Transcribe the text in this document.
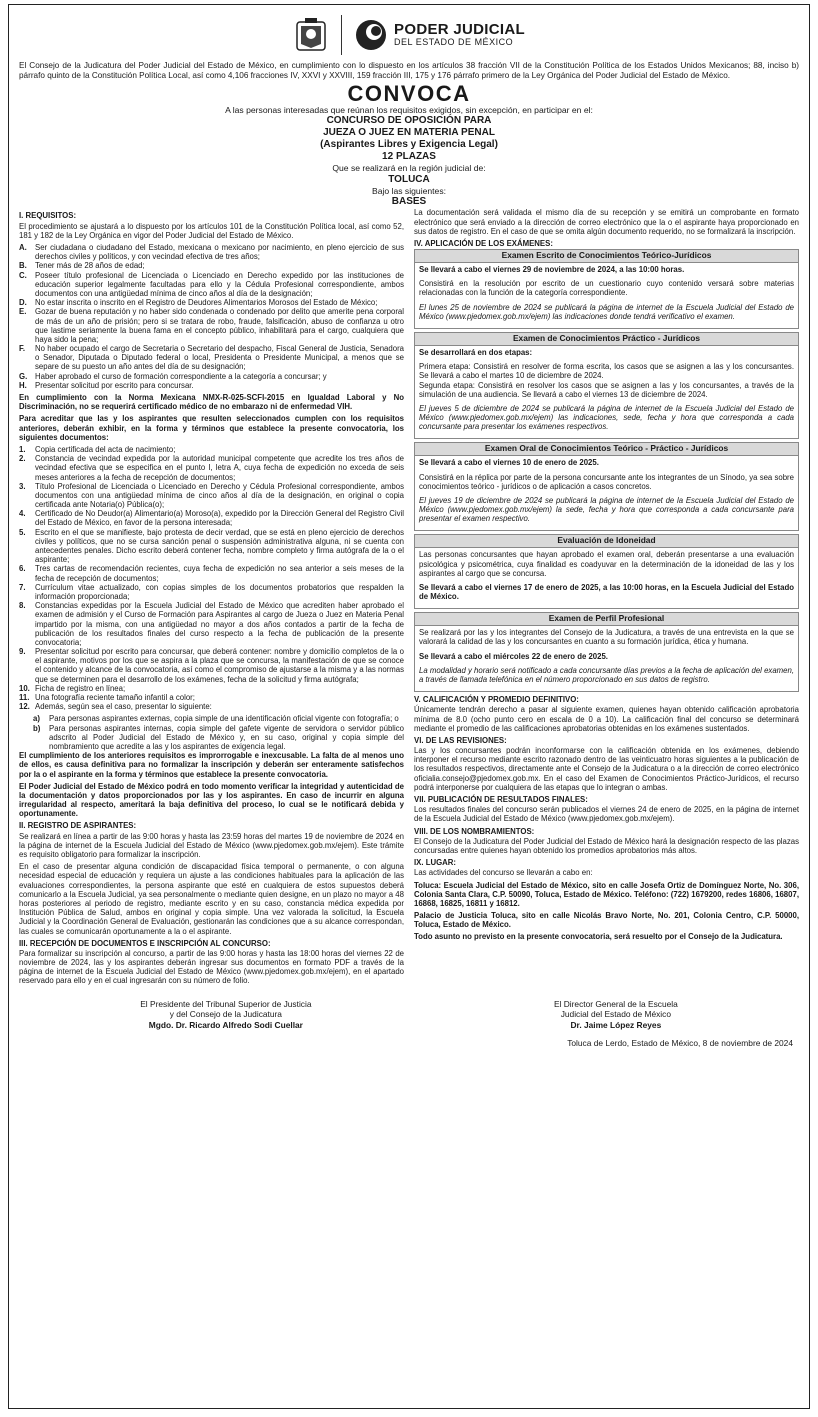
PODER JUDICIAL
DEL ESTADO DE MÉXICO

El Consejo de la Judicatura del Poder Judicial del Estado de México, en cumplimiento con lo dispuesto en los artículos 38 fracción VII de la Constitución Política de los Estados Unidos Mexicanos; 88, inciso b) párrafo quinto de la Constitución Política Local, así como 4,106 fracciones IV, XXVI y XXVIII, 159 fracción III, 175 y 176 párrafo primero de la Ley Orgánica del Poder Judicial del Estado de México.

CONVOCA
A las personas interesadas que reúnan los requisitos exigidos, sin excepción, en participar en el:
CONCURSO DE OPOSICIÓN PARA
JUEZA O JUEZ EN MATERIA PENAL
(Aspirantes Libres y Exigencia Legal)
12 PLAZAS
Que se realizará en la región judicial de:
TOLUCA
Bajo las siguientes:
BASES
I. REQUISITOS:

El procedimiento se ajustará a lo dispuesto por los artículos 101 de la Constitución Política local, así como 52, 181 y 182 de la Ley Orgánica en vigor del Poder Judicial del Estado de México.

A.	Ser ciudadana o ciudadano del Estado, mexicana o mexicano por nacimiento, en pleno ejercicio de sus derechos civiles y políticos, y con vecindad efectiva de tres años;
B.	Tener más de 28 años de edad;
C.	Poseer título profesional de Licenciada o Licenciado en Derecho expedido por las instituciones de educación superior legalmente facultadas para ello y la Cédula Profesional correspondiente, ambos documentos con una antigüedad mínima de cinco años al día de la designación;
D.	No estar inscrita o inscrito en el Registro de Deudores Alimentarios Morosos del Estado de México;
E.	Gozar de buena reputación y no haber sido condenada o condenado por delito que amerite pena corporal de más de un año de prisión; pero si se tratara de robo, fraude, falsificación, abuso de confianza u otro que lastime seriamente la buena fama en el concepto público, inhabilitará para el cargo, cualquiera que haya sido la pena;
F.	No haber ocupado el cargo de Secretaria o Secretario del despacho, Fiscal General de Justicia, Senadora o Senador, Diputada o Diputado federal o local, Presidenta o Presidente Municipal, a menos que se separe de su puesto un año antes del día de su designación;
G. Haber aprobado el curso de formación correspondiente a la categoría a concursar; y
H.	Presentar solicitud por escrito para concursar.

En cumplimiento con la Norma Mexicana NMX-R-025-SCFI-2015 en Igualdad Laboral y No Discriminación, no se requerirá certificado médico de no embarazo ni de enfermedad VIH.

Para acreditar que las y los aspirantes que resulten seleccionados cumplen con los requisitos anteriores, deberán exhibir, en la forma y términos que establece la presente convocatoria, los siguientes documentos:

1.	Copia certificada del acta de nacimiento;
2.	Constancia de vecindad expedida por la autoridad municipal competente que acredite los tres años de vecindad efectiva que se especifica en el punto I, letra A, cuya fecha de expedición no exceda de seis meses anteriores a la fecha de recepción de documentos;
3.	Título Profesional de Licenciada o Licenciado en Derecho y Cédula Profesional correspondiente, ambos documentos con una antigüedad mínima de cinco años al día de la designación, en original o copia certificada ante Notaria(o) Pública(o);
4.	Certificado de No Deudor(a) Alimentario(a) Moroso(a), expedido por la Dirección General del Registro Civil del Estado de México, en favor de la persona interesada;
5.	Escrito en el que se manifieste, bajo protesta de decir verdad, que se está en pleno ejercicio de derechos civiles y políticos, que no se cursa sanción penal o suspensión administrativa alguna, ni se cuenta con antecedentes penales. Dicho escrito deberá contener fecha, nombre completo y firma autógrafa de la o el aspirante;
6.	Tres cartas de recomendación recientes, cuya fecha de expedición no sea anterior a seis meses de la fecha de recepción de documentos;
7.	Currículum vitae actualizado, con copias simples de los documentos probatorios que respalden la información proporcionada;
8.	Constancias expedidas por la Escuela Judicial del Estado de México que acrediten haber aprobado el examen de admisión y el Curso de Formación para Aspirantes al cargo de Jueza o Juez en Materia Penal impartido por la misma, con una antigüedad no mayor a dos años contados a partir de la fecha de publicación de los resultados finales del curso respecto a la fecha de publicación de la presente convocatoria;
9.	Presentar solicitud por escrito para concursar, que deberá contener: nombre y domicilio completos de la o el aspirante, motivos por los que se aspira a la plaza que se concursa, la manifestación de que se conoce el contenido y alcance de la convocatoria, así como el compromiso de ajustarse a la misma y a las normas que se determinen para el desarrollo de los exámenes, fecha de la solicitud y firma autógrafa;
10. Ficha de registro en línea;
11. Una fotografía reciente tamaño infantil a color;
12. Además, según sea el caso, presentar lo siguiente:
a)	Para personas aspirantes externas, copia simple de una identificación oficial vigente con fotografía; o
b)	Para personas aspirantes internas, copia simple del gafete vigente de servidora o servidor público adscrito al Poder Judicial del Estado de México y, en su caso, original y copia simple del nombramiento que acredite a las y los aspirantes de exigencia legal.

El cumplimiento de los anteriores requisitos es improrrogable e inexcusable. La falta de al menos uno de ellos, es causa definitiva para no formalizar la inscripción y deberán ser enteramente satisfechos por la o el aspirante en la forma y términos que establece la presente convocatoria.

El Poder Judicial del Estado de México podrá en todo momento verificar la integridad y autenticidad de la documentación y datos proporcionados por las y los aspirantes. En caso de incurrir en alguna irregularidad al respecto, ameritará la baja definitiva del proceso, lo cual se le notificará debida y oportunamente.

II. REGISTRO DE ASPIRANTES:

Se realizará en línea a partir de las 9:00 horas y hasta las 23:59 horas del martes 19 de noviembre de 2024 en la página de internet de la Escuela Judicial del Estado de México (www.pjedomex.gob.mx/ejem). Este trámite es requisito obligatorio para formalizar la inscripción.

En el caso de presentar alguna condición de discapacidad física temporal o permanente, o con alguna necesidad especial de educación y requiera un ajuste a las condiciones habituales para la aplicación de las evaluaciones correspondientes, la persona aspirante que esté en cualquiera de estos supuestos deberá comunicarlo a la Escuela Judicial, ya sea personalmente o mediante quien designe, en un plazo no mayor a 48 horas posteriores al periodo de registro, mediante escrito y en su caso, constancia médica expedida por Institución Pública de Salud, ambos en original y copia simple. Una vez valorada la solicitud, la Escuela Judicial y la Coordinación General de Evaluación, gestionarán las condiciones que a su alcance correspondan, las cuales se comunicarán oportunamente a la o el aspirante.

III. RECEPCIÓN DE DOCUMENTOS E INSCRIPCIÓN AL CONCURSO:

Para formalizar su inscripción al concurso, a partir de las 9:00 horas y hasta las 18:00 horas del viernes 22 de noviembre de 2024, las y los aspirantes deberán ingresar sus documentos en formato PDF a través de la página de internet de la Escuela Judicial del Estado de México (www.pjedomex.gob.mx/ejem), en el apartado reservado para ello y en el cual ingresarán con su número de folio.

La documentación será validada el mismo día de su recepción y se emitirá un comprobante en formato electrónico que será enviado a la dirección de correo electrónico que la o el aspirante haya proporcionado en sus datos de registro. En el caso de que se omita algún documento requerido, no se formalizará la inscripción.

IV. APLICACIÓN DE LOS EXÁMENES:
Examen Escrito de Conocimientos Teórico-Jurídicos

Se llevará a cabo el viernes 29 de noviembre de 2024, a las 10:00 horas.

Consistirá en la resolución por escrito de un cuestionario cuyo contenido versará sobre materias relacionadas con la función de la categoría correspondiente.

El lunes 25 de noviembre de 2024 se publicará la página de internet de la Escuela Judicial del Estado de México (www.pjedomex.gob.mx/ejem) las indicaciones donde tendrá verificativo el examen.

Examen de Conocimientos Práctico - Jurídicos

Se desarrollará en dos etapas:

Primera etapa: Consistirá en resolver de forma escrita, los casos que se asignen a las y los concursantes. Se llevará a cabo el martes 10 de diciembre de 2024.

Segunda etapa: Consistirá en resolver los casos que se asignen a las y los concursantes, a través de la simulación de una audiencia. Se llevará a cabo el viernes 13 de diciembre de 2024.

El jueves 5 de diciembre de 2024 se publicará la página de internet de la Escuela Judicial del Estado de México (www.pjedomex.gob.mx/ejem) las indicaciones, sede, fecha y hora que corresponda a cada concursante para presentar los exámenes respectivos.

Examen Oral de Conocimientos Teórico - Práctico - Jurídicos

Se llevará a cabo el viernes 10 de enero de 2025.

Consistirá en la réplica por parte de la persona concursante ante los integrantes de un Sínodo, ya sea sobre conocimientos teórico - jurídicos o de aplicación a casos concretos.

El jueves 19 de diciembre de 2024 se publicará la página de internet de la Escuela Judicial del Estado de México (www.pjedomex.gob.mx/ejem) la sede, fecha y hora que corresponda a cada concursante para presentar el examen respectivo.

Evaluación de Idoneidad

Las personas concursantes que hayan aprobado el examen oral, deberán presentarse a una evaluación psicológica y psicométrica, cuya finalidad es coadyuvar en la determinación de la idoneidad de las y los aspirantes al cargo que se concursa.

Se llevará a cabo el viernes 17 de enero de 2025, a las 10:00 horas, en la Escuela Judicial del Estado de México.

Examen de Perfil Profesional

Se realizará por las y los integrantes del Consejo de la Judicatura, a través de una entrevista en la que se valorará la calidad de las y los concursantes en cuanto a su formación jurídica, ética y humana.

Se llevará a cabo el miércoles 22 de enero de 2025.

La modalidad y horario será notificado a cada concursante días previos a la fecha de aplicación del examen, a través de llamada telefónica en el número proporcionado en sus datos de registro.

V. CALIFICACIÓN Y PROMEDIO DEFINITIVO:

Únicamente tendrán derecho a pasar al siguiente examen, quienes hayan obtenido calificación aprobatoria mínima de 8.0 (ocho punto cero en escala de 0 a 10). La calificación final del concurso se determinará mediante el promedio de las calificaciones aprobatorias obtenidas en los exámenes sustentados.

VI. DE LAS REVISIONES:

Las y los concursantes podrán inconformarse con la calificación obtenida en los exámenes, debiendo interponer el recurso mediante escrito razonado dentro de las veinticuatro horas siguientes a la publicación de los resultados respectivos, directamente ante el Consejo de la Judicatura o a la dirección de correo electrónico oficialia.consejo@pjedomex.gob.mx. En el caso del Examen de Conocimientos Práctico-Jurídicos, el recurso podrá interponerse por cualquiera de las etapas que lo integran o ambas.

VII. PUBLICACIÓN DE RESULTADOS FINALES:

Los resultados finales del concurso serán publicados el viernes 24 de enero de 2025, en la página de internet de la Escuela Judicial del Estado de México (www.pjedomex.gob.mx/ejem).

VIII. DE LOS NOMBRAMIENTOS:

El Consejo de la Judicatura del Poder Judicial del Estado de México hará la designación respecto de las plazas concursadas entre quienes hayan obtenido los promedios aprobatorios más altos.

IX. LUGAR:

Las actividades del concurso se llevarán a cabo en:

Toluca: Escuela Judicial del Estado de México, sito en calle Josefa Ortiz de Domínguez Norte, No. 306, Colonia Santa Clara, C.P. 50090, Toluca, Estado de México. Teléfono: (722) 1679200, redes 16806, 16807, 16868, 16825, 16811 y 16812.

Palacio de Justicia Toluca, sito en calle Nicolás Bravo Norte, No. 201, Colonia Centro, C.P. 50000, Toluca, Estado de México.

Todo asunto no previsto en la presente convocatoria, será resuelto por el Consejo de la Judicatura.

El Presidente del Tribunal Superior de Justicia
y del Consejo de la Judicatura
Mgdo. Dr. Ricardo Alfredo Sodi Cuellar
El Director General de la Escuela
Judicial del Estado de México
Dr. Jaime López Reyes
Toluca de Lerdo, Estado de México, 8 de noviembre de 2024
